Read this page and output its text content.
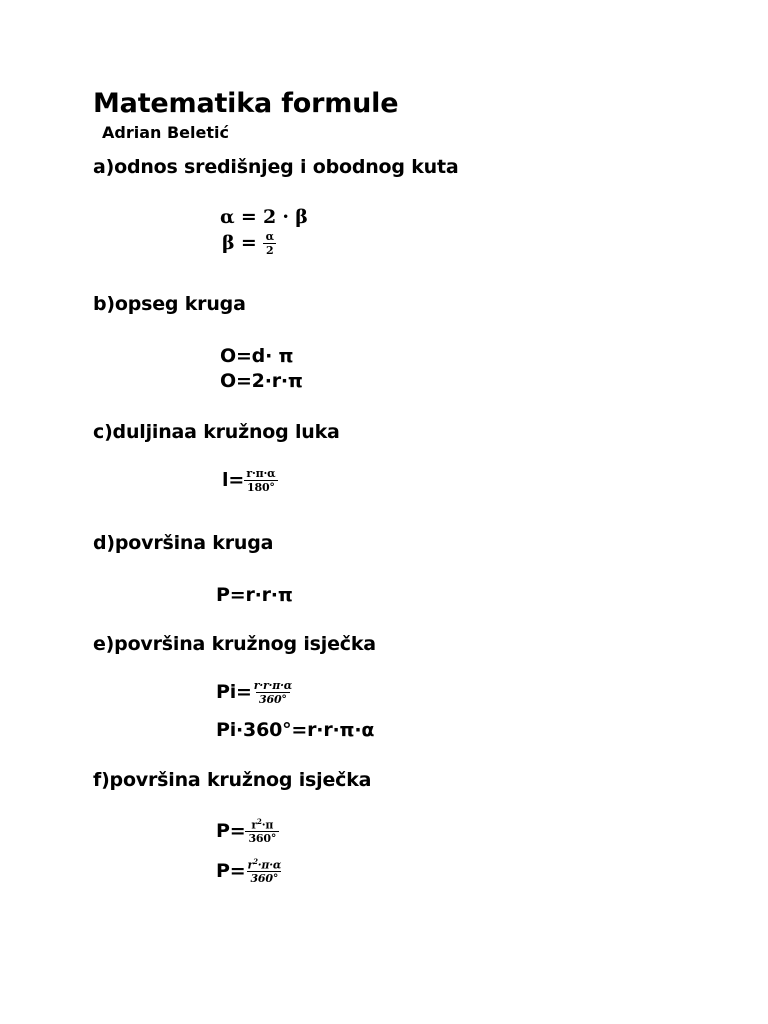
Matematika formule
Adrian Beletić
a)odnos središnjeg i obodnog kuta
α = 2 · β
$\beta = \frac{\alpha}{2}$
b)opseg kruga
O=d· π
O=2·r·π
c)duljinaa kružnog luka
$l= \frac{r\cdot\pi\cdot\alpha}{180^\circ}$
d)površina kruga
P=r·r·π
e)površina kružnog isječka
$Pi= \frac{r\cdot r\cdot\pi\cdot\alpha}{360^\circ}$
Pi·360°=r·r·π·α
f)površina kružnog isječka
$P= \frac{r^2\cdot\pi}{360^\circ}$
$P= \frac{r^2\cdot\pi\cdot\alpha}{360^\circ}$
